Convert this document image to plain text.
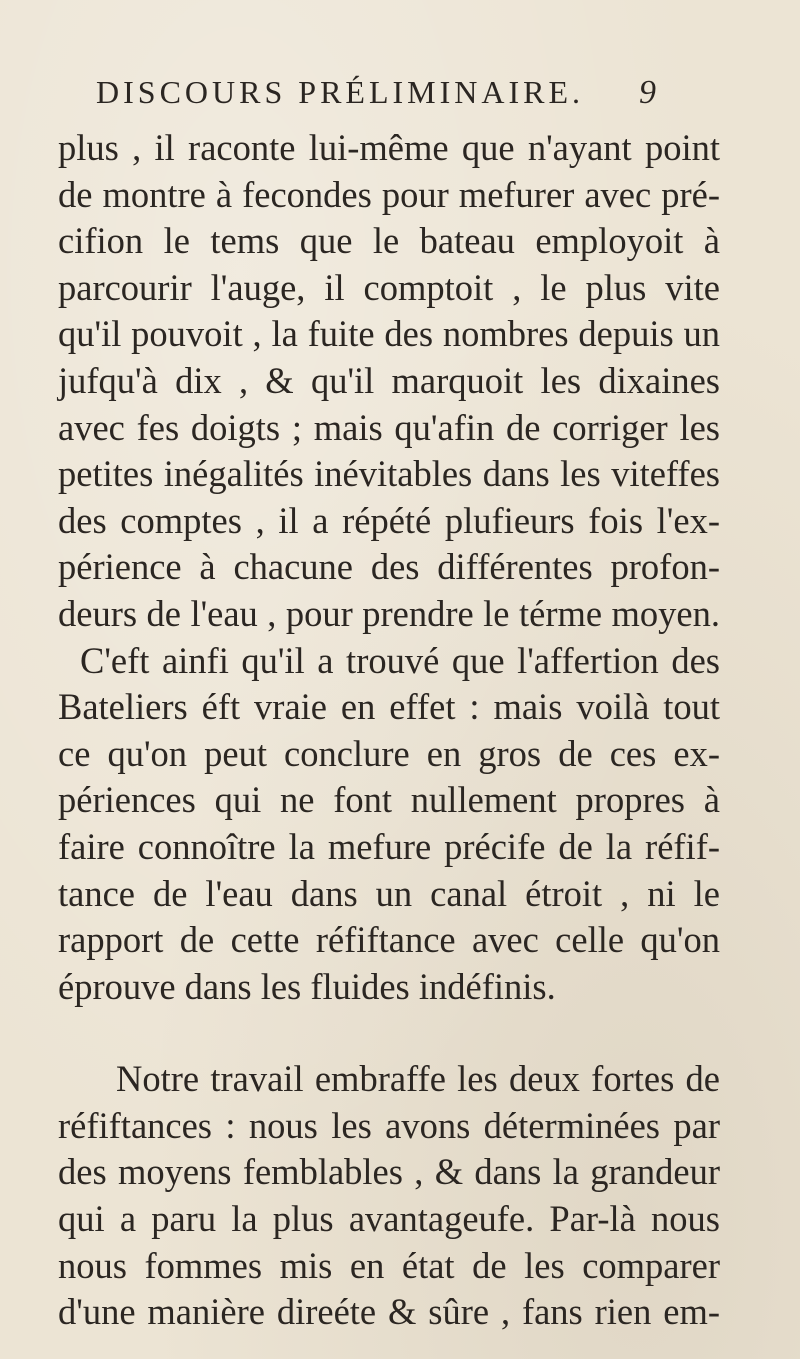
DISCOURS PRÉLIMINAIRE. 9
plus , il raconte lui-même que n'ayant point
de montre à fecondes pour mefurer avec pré-
cifion le tems que le bateau employoit à
parcourir l'auge, il comptoit , le plus vite
qu'il pouvoit , la fuite des nombres depuis un
jufqu'à dix , & qu'il marquoit les dixaines
avec fes doigts ; mais qu'afin de corriger les
petites inégalités inévitables dans les viteffes
des comptes , il a répété plufieurs fois l'ex-
périence à chacune des différentes profon-
deurs de l'eau , pour prendre le térme moyen.
C'eft ainfi qu'il a trouvé que l'affertion des
Bateliers éft vraie en effet : mais voilà tout
ce qu'on peut conclure en gros de ces ex-
périences qui ne font nullement propres à
faire connoître la mefure précife de la réfif-
tance de l'eau dans un canal étroit , ni le
rapport de cette réfiftance avec celle qu'on
éprouve dans les fluides indéfinis.
Notre travail embraffe les deux fortes de
réfiftances : nous les avons déterminées par
des moyens femblables , & dans la grandeur
qui a paru la plus avantageufe. Par-là nous
nous fommes mis en état de les comparer
d'une manière direéte & sûre , fans rien em-
